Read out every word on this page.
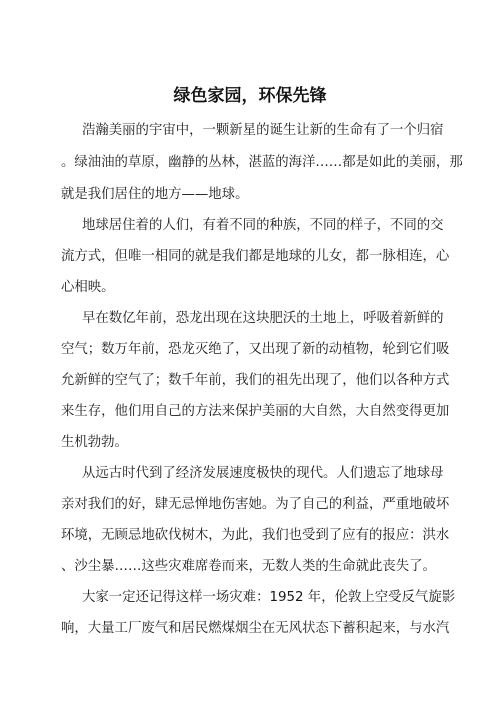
绿色家园，环保先锋

浩瀚美丽的宇宙中，一颗新星的诞生让新的生命有了一个归宿

。绿油油的草原，幽静的丛林，湛蓝的海洋……都是如此的美丽，那

就是我们居住的地方——地球。

地球居住着的人们，有着不同的种族，不同的样子，不同的交

流方式，但唯一相同的就是我们都是地球的儿女，都一脉相连，心

心相映。

早在数亿年前，恐龙出现在这块肥沃的土地上，呼吸着新鲜的

空气；数万年前，恐龙灭绝了，又出现了新的动植物，轮到它们吸

允新鲜的空气了；数千年前，我们的祖先出现了，他们以各种方式

来生存，他们用自己的方法来保护美丽的大自然，大自然变得更加

生机勃勃。

从远古时代到了经济发展速度极快的现代。人们遗忘了地球母

亲对我们的好，肆无忌惮地伤害她。为了自己的利益，严重地破坏

环境，无顾忌地砍伐树木，为此，我们也受到了应有的报应：洪水

、沙尘暴……这些灾难席卷而来，无数人类的生命就此丧失了。

大家一定还记得这样一场灾难：1952 年，伦敦上空受反气旋影

响，大量工厂废气和居民燃煤烟尘在无风状态下蓄积起来，与水汽
